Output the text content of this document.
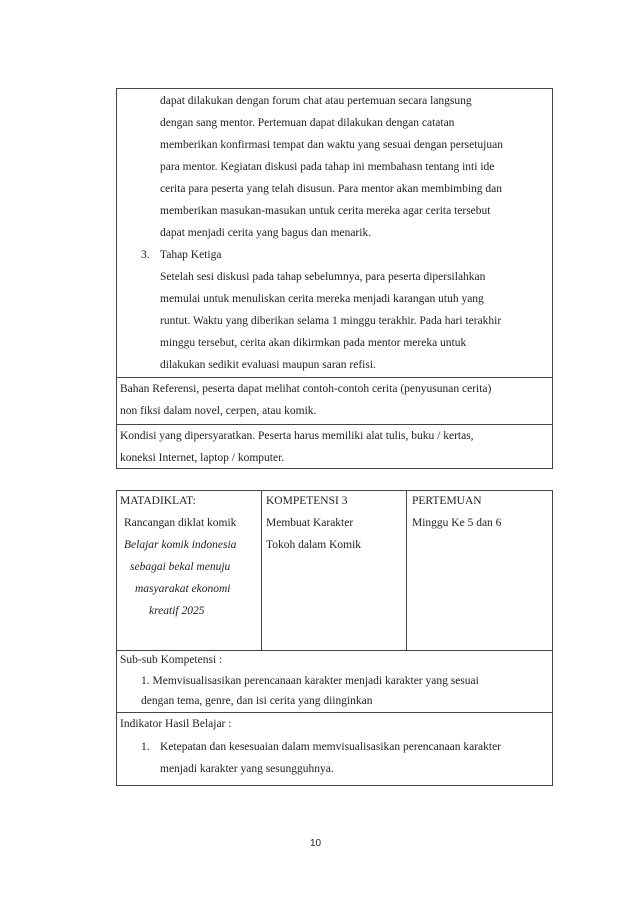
dapat dilakukan dengan forum chat atau pertemuan secara langsung
dengan sang mentor. Pertemuan dapat dilakukan dengan catatan
memberikan konfirmasi tempat dan waktu yang sesuai dengan persetujuan
para mentor. Kegiatan diskusi pada tahap ini membahasn tentang inti ide
cerita para peserta yang telah disusun. Para mentor akan membimbing dan
memberikan masukan-masukan untuk cerita mereka agar cerita tersebut
dapat menjadi cerita yang bagus dan menarik.
3. Tahap Ketiga
Setelah sesi diskusi pada tahap sebelumnya, para peserta dipersilahkan
memulai untuk menuliskan cerita mereka menjadi karangan utuh yang
runtut. Waktu yang diberikan selama 1 minggu terakhir. Pada hari terakhir
minggu tersebut, cerita akan dikirmkan pada mentor mereka untuk
dilakukan sedikit evaluasi maupun saran refisi.
Bahan Referensi, peserta dapat melihat contoh-contoh cerita (penyusunan cerita)
non fiksi dalam novel, cerpen, atau komik.
Kondisi yang dipersyaratkan. Peserta harus memiliki alat tulis, buku / kertas,
koneksi Internet, laptop / komputer.
MATADIKLAT:
Rancangan diklat komik
Belajar komik indonesia
sebagai bekal menuju
masyarakat ekonomi
kreatif 2025
KOMPETENSI 3
Membuat Karakter
Tokoh dalam Komik
PERTEMUAN
Minggu Ke 5 dan 6
Sub-sub Kompetensi :
1. Memvisualisasikan perencanaan karakter menjadi karakter yang sesuai
dengan tema, genre, dan isi cerita yang diinginkan
Indikator Hasil Belajar :
1. Ketepatan dan kesesuaian dalam memvisualisasikan perencanaan karakter
menjadi karakter yang sesungguhnya.
10
